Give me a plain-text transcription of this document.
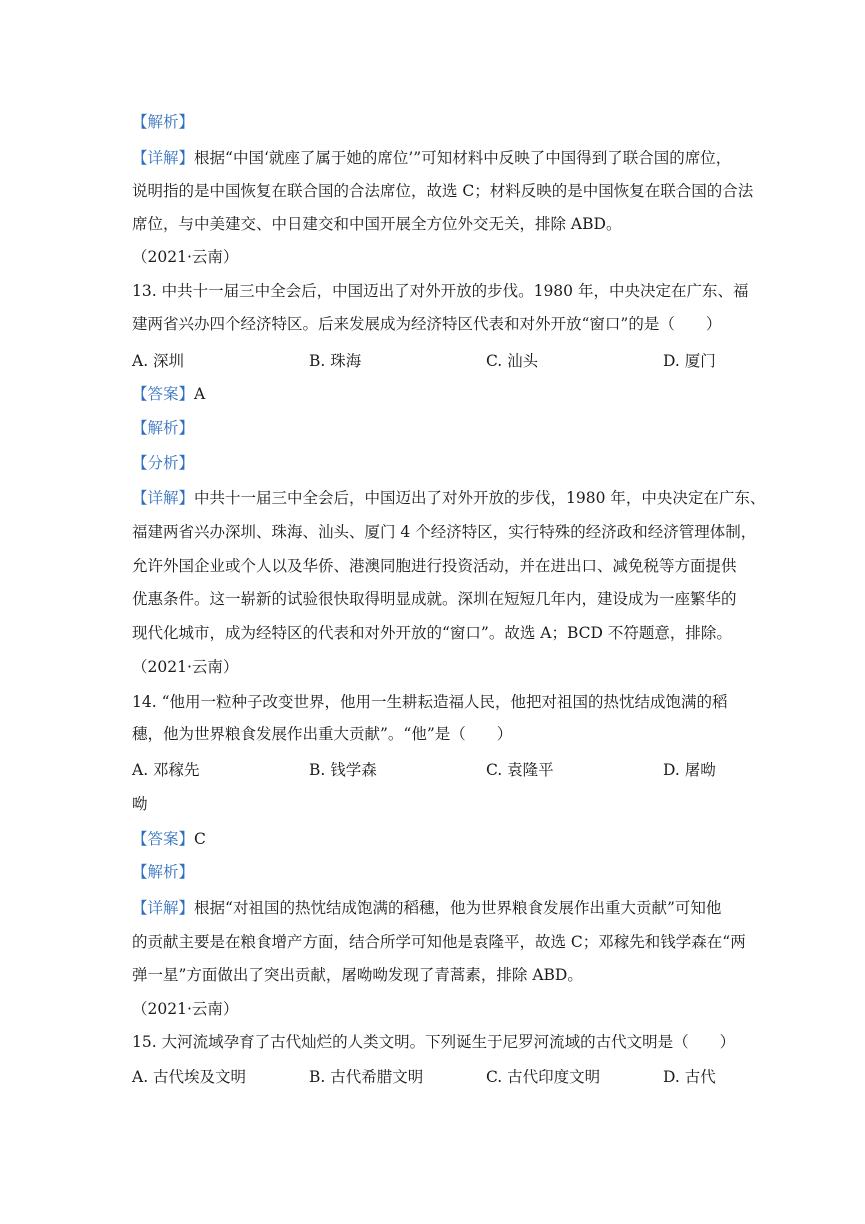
【解析】
【详解】根据“中国‘就座了属于她的席位’”可知材料中反映了中国得到了联合国的席位，
说明指的是中国恢复在联合国的合法席位，故选 C；材料反映的是中国恢复在联合国的合法
席位，与中美建交、中日建交和中国开展全方位外交无关，排除 ABD。
（2021·云南）
13. 中共十一届三中全会后，中国迈出了对外开放的步伐。1980 年，中央决定在广东、福
建两省兴办四个经济特区。后来发展成为经济特区代表和对外开放“窗口”的是（　　）
A. 深圳	B. 珠海	C. 汕头	D. 厦门
【答案】A
【解析】
【分析】
【详解】中共十一届三中全会后，中国迈出了对外开放的步伐，1980 年，中央决定在广东、
福建两省兴办深圳、珠海、汕头、厦门 4 个经济特区，实行特殊的经济政和经济管理体制，
允许外国企业或个人以及华侨、港澳同胞进行投资活动，并在进出口、减免税等方面提供
优惠条件。这一崭新的试验很快取得明显成就。深圳在短短几年内，建设成为一座繁华的
现代化城市，成为经特区的代表和对外开放的“窗口”。故选 A；BCD 不符题意，排除。
（2021·云南）
14. “他用一粒种子改变世界，他用一生耕耘造福人民，他把对祖国的热忱结成饱满的稻
穗，他为世界粮食发展作出重大贡献”。“他”是（　　）
A. 邓稼先	B. 钱学森	C. 袁隆平	D. 屠呦
呦
【答案】C
【解析】
【详解】根据“对祖国的热忱结成饱满的稻穗，他为世界粮食发展作出重大贡献”可知他
的贡献主要是在粮食增产方面，结合所学可知他是袁隆平，故选 C；邓稼先和钱学森在“两
弹一星”方面做出了突出贡献，屠呦呦发现了青蒿素，排除 ABD。
（2021·云南）
15. 大河流域孕育了古代灿烂的人类文明。下列诞生于尼罗河流域的古代文明是（　　）
A. 古代埃及文明	B. 古代希腊文明	C. 古代印度文明	D. 古代
